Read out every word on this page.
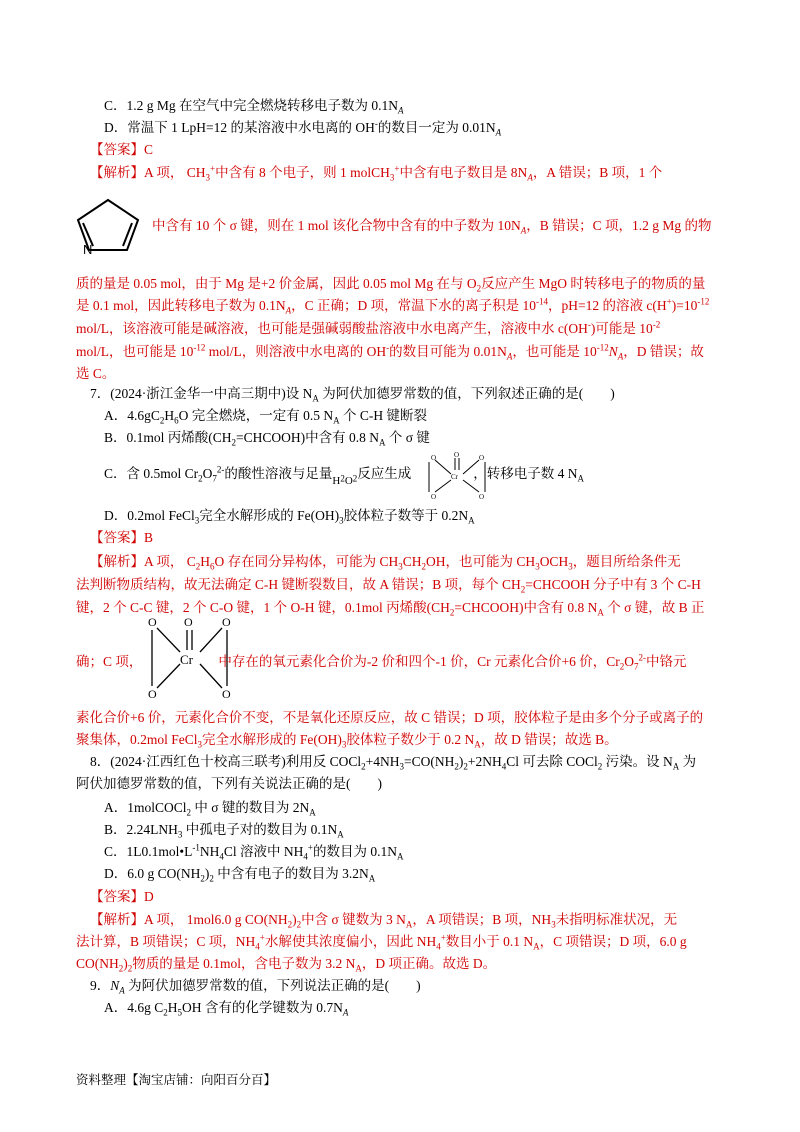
C．1.2 g Mg 在空气中完全燃烧转移电子数为 $0.1N_A$
D．常温下 1 LpH=12 的某溶液中水电离的 OH-的数目一定为 $0.01N_A$
【答案】C
【解析】A 项， $CH_3^+$中含有 8 个电子，则 1 molCH$_3$+中含有电子数目是 $8N_A$，A 错误；B 项，1 个
N
中含有 10 个 σ 键，则在 1 mol 该化合物中含有的中子数为 $10N_A$，B 错误；C 项，1.2 g Mg 的物
质的量是 0.05 mol，由于 Mg 是+2 价金属，因此 0.05 mol Mg 在与 $O_2$反应产生 MgO 时转移电子的物质的量
是 0.1 mol，因此转移电子数为 $0.1N_A$，C 正确；D 项，常温下水的离子积是 $10^{-14}$，pH=12 的溶液 $c(H^+)=10^{-12}$
mol/L，该溶液可能是碱溶液，也可能是强碱弱酸盐溶液中水电离产生，溶液中水 c(OH-)可能是 $10^{-2}$
mol/L，也可能是 $10^{-12}$ mol/L，则溶液中水电离的 OH-的数目可能为 $0.01N_A$，也可能是 $10^{-12}N_A$，D 错误；故
选 C。
7．(2024·浙江金华一中高三期中)设 $N_A$ 为阿伏加德罗常数的值，下列叙述正确的是(　　)
A．$4.6gC_2H_6O$ 完全燃烧，一定有 0.5 $N_A$ 个 C-H 键断裂
B．0.1mol 丙烯酸$(CH_2=CHCOOH)$中含有 0.8 $N_A$ 个 σ 键
C．含 0.5mol $Cr_2O_7^{2-}$的酸性溶液与足量$_{H2O2}$反应生成	，转移电子数 4 $N_A$
Cr
O	O
O
O	O
D．0.2mol FeCl$_3$完全水解形成的 $Fe(OH)_3$胶体粒子数等于 $0.2N_A$
【答案】B
【解析】A 项， $C_2H_6O$ 存在同分异构体，可能为 $CH_3CH_2OH$，也可能为 $CH_3OCH_3$，题目所给条件无
法判断物质结构，故无法确定 C-H 键断裂数目，故 A 错误；B 项，每个 $CH_2=CHCOOH$ 分子中有 3 个 C-H
键，2 个 C-C 键，2 个 C-O 键，1 个 O-H 键，0.1mol 丙烯酸$(CH_2=CHCOOH)$中含有 0.8 $N_A$ 个 σ 键，故 B 正
O O O
Cr
O	O
确；C 项，	中存在的氧元素化合价为-2 价和四个-1 价，Cr 元素化合价+6 价，$Cr_2O_7^{2-}$中铬元
素化合价+6 价，元素化合价不变，不是氧化还原反应，故 C 错误；D 项，胶体粒子是由多个分子或离子的
聚集体，0.2mol FeCl$_3$完全水解形成的 $Fe(OH)_3$胶体粒子数少于 0.2 $N_A$，故 D 错误；故选 B。
8．(2024·江西红色十校高三联考)利用反 $COCl_2+4NH_3=CO(NH_2)_2+2NH_4Cl$ 可去除 COCl$_2$ 污染。设 $N_A$ 为
阿伏加德罗常数的值，下列有关说法正确的是(　　)
A．1molCOCl$_2$ 中 σ 键的数目为 $2N_A$
B．$2.24LNH_3$ 中孤电子对的数目为 $0.1N_A$
C．$1L0.1mol•L^{-1}NH_4Cl$ 溶液中 $NH_4^+$的数目为 $0.1N_A$
D．6.0 g $CO(NH_2)_2$ 中含有电子的数目为 $3.2N_A$
【答案】D
【解析】A 项， 1mol6.0 g $CO(NH_2)_2$中含 σ 键数为 3 $N_A$，A 项错误；B 项，$NH_3$未指明标准状况，无
法计算，B 项错误；C 项，$NH_4^+$水解使其浓度偏小，因此 $NH_4^+$数目小于 0.1 $N_A$，C 项错误；D 项，6.0 g
$CO(NH_2)_2$物质的量是 0.1mol，含电子数为 3.2 $N_A$，D 项正确。故选 D。
9．$N_A$ 为阿伏加德罗常数的值，下列说法正确的是(　　)
A．4.6g $C_2H_5OH$ 含有的化学键数为 $0.7N_A$
资料整理【淘宝店铺：向阳百分百】
